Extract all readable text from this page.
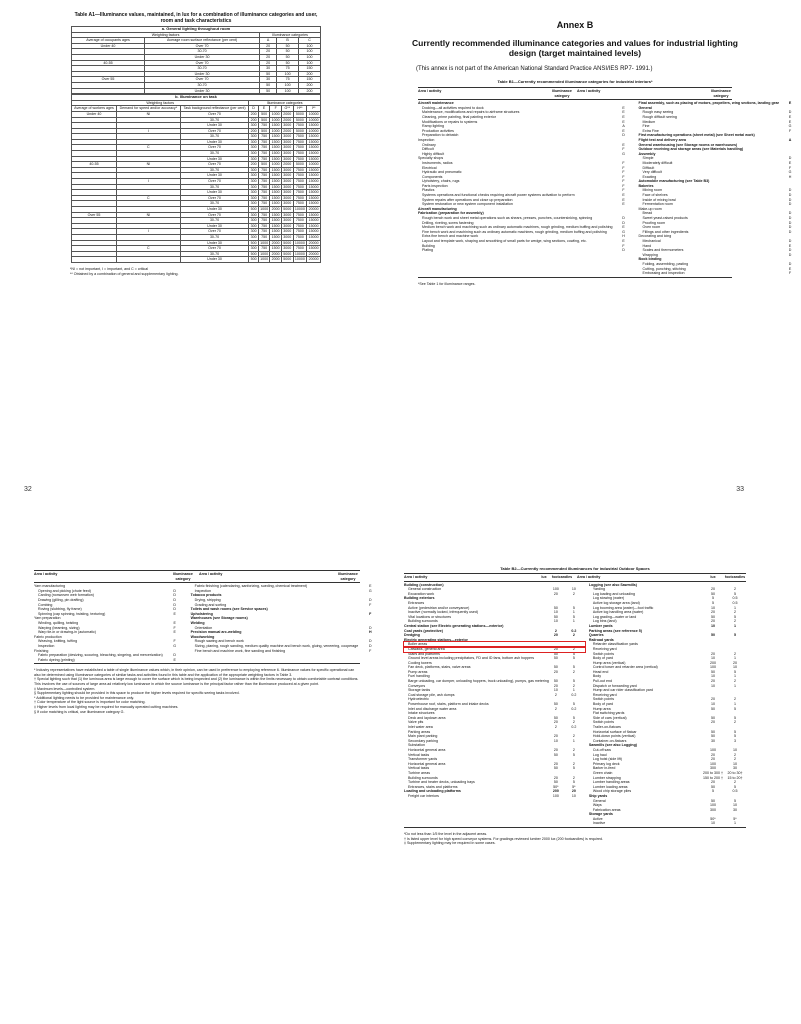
Table A1—Illuminance values, maintained, in lux for a combination of illuminance categories and user, room and task characteristics
a. General lighting throughout room				
Weighting factors		Illuminance categories		
Average of occupants ages	Average room surface reflectance (per cent)	A	B	C
Under 40	Over 70	20	50	100
	30-70	20	50	100
	Under 30	20	50	100
40-55	Over 70	20	50	100
	30-70	30	75	150
	Under 30	50	100	200
Over 55	Over 70	30	75	150
	30-70	50	100	200
	Under 30	50	100	200
b. Illuminance on task								
Weighting factors			Illuminance categories					
Average of workers ages	Demand for speed and/or accuracy*	Task background reflectance (per cent)	D	E	F	G**	H**	I**
Under 40	NI	Over 70	200	500	1000	2000	5000	10000
		30-70	200	500	1000	2000	5000	10000
		Under 30	300	750	1500	3000	7500	15000
	I	Over 70	200	500	1000	2000	5000	10000
		30-70	300	750	1500	3000	7500	15000
		Under 30	300	750	1500	3000	7500	15000
	C	Over 70	300	750	1500	3000	7500	15000
		30-70	300	750	1500	3000	7500	15000
		Under 30	300	750	1500	3000	7500	15000
40-55	NI	Over 70	200	500	1000	2000	5000	10000
		30-70	300	750	1500	3000	7500	15000
		Under 30	300	750	1500	3000	7500	15000
	I	Over 70	300	750	1500	3000	7500	15000
		30-70	300	750	1500	3000	7500	15000
		Under 30	300	750	1500	3000	7500	15000
	C	Over 70	300	750	1500	3000	7500	15000
		30-70	300	750	1500	3000	7500	15000
		Under 30	500	1000	2000	5000	10000	20000
Over 55	NI	Over 70	300	750	1500	3000	7500	15000
		30-70	300	750	1500	3000	7500	15000
		Under 30	300	750	1500	3000	7500	15000
	I	Over 70	300	750	1500	3000	7500	15000
		30-70	300	750	1500	3000	7500	15000
		Under 30	500	1000	2000	5000	10000	20000
	C	Over 70	300	750	1500	3000	7500	15000
		30-70	500	1000	2000	5000	10000	20000
		Under 30	500	1000	2000	5000	10000	20000
*NI = not important, I = important, and C = critical
** Obtained by a combination of general and supplementary lighting.
32
Annex B
Currently recommended illuminance categories and values for industrial lighting design (target maintained levels)
(This annex is not part of the American National Standard Practice ANSI/IES RP7- 1991.)
Table B1—Currently recommended illuminance categories for industrial interiors*
Area / activity	Illuminance category
Area / activity	Illuminance category
Aircraft maintenance
Docking—all activities required to dock	E
Maintenance, modifications and repairs to airframe structures	E
Cleaning, prime painting, final painting exterior	E
Modifications or repairs to systems	E
Ramp lighting	A
Production activities	E
Preparation to debatch	D
Inspection
Ordinary	E
Difficult	F
Highly difficult	G
Specialty shops
Instruments, radios	F
Electrical	F
Hydraulic and pneumatic	F
Components	F
Upholstery, chairs, rugs	F
Parts inspection	F
Plastics	F
Systems operations and functional checks requiring aircraft power systems activation to perform	E
System repairs after operations and close up preparation	E
System restoration or new system component installation	E
Aircraft manufacturing
Fabrication (preparation for assembly)
Rough bench work and sheet metal operations such as shears, presses, punches, countersinking, spinning	D
Drilling, riveting, screw fastening	D
Medium bench work and machining such as ordinary automatic machines, rough grinding, medium buffing and polishing	E
Fine bench work and machining such as ordinary automatic machines, rough grinding, medium buffing and polishing	G
Extra fine bench and machine work	H
Layout and template work, shaping and smoothing of small parts for wedge, wing sections, cowling, etc.	E
Building	F
Plating	D
Final assembly, such as placing of motors, propellers, wing sections, landing gear	E
General
Rough easy seeing	D
Rough difficult seeing	E
Medium	E
Fine	G
Extra Fine	F
First manufacturing operations (sheet metal) (see Sheet metal work)
Flight test and delivery area	A
General warehousing (see Storage rooms or warehouses)
Outdoor receiving and storage areas (see Materials handling)
Assembly
Simple	D
Moderately difficult	E
Difficult	F
Very difficult	G
Exacting	H
Automobile manufacturing (see Table B3)
Bakeries
Mixing room	D
Face of shelves	D
Inside of mixing bowl	D
Fermentation room	D
Make-up room
Bread	D
Sweet yeast-raised products	D
Proofing room	D
Oven room	D
Fillings and other ingredients	D
Decorating and icing
Mechanical	D
Hand	E
Scales and thermometers	D
Wrapping	D
Book binding
Folding, assembling, pasting	D
Cutting, punching, stitching	E
Embossing and inspection	F
*See Table 1 for illuminance ranges.
33
Area / activity	Illuminance category
Area / activity	Illuminance category
Yarn manufacturing
Opening and picking (chute feed)	D
Carding (nonwoven web formation)	D
Drawing (gilling, pin drafting)	D
Combing	D
Roving (slubbing, fly frame)	D
Spinning (cap spinning, twisting, texturing)	E
Yarn preparation
Winding, quilling, twisting	E
Warping (beaming, sizing)	F
Warp tie-in or drawing-in (automatic)	E
Fabric production
Weaving, knitting, tufting	F
Inspection	G
Finishing
Fabric preparation (desizing, scouring, bleaching, singeing, and mercerization)	D
Fabric dyeing (printing)	E
Fabric finishing (calendaring, sanforizing, sueding, chemical treatment)	E
Inspection	G
Tobacco products
Drying, stripping	D
Grading and sorting	F
Toilets and wash rooms (see Service spaces)
Upholstering	F
Warehouses (see Storage rooms)
Welding
Orientation	D
Precision manual arc-welding	H
Woodworking
Rough sawing and bench work	D
Sizing, planing, rough sanding, medium quality machine and bench work, gluing, veneering, cooperage	D
Fine bench and machine work, fine sanding and finishing	F
* Industry representatives have established a table of single illuminance values which, in their opinion, can be used in preference to employing reference 6. Illuminance values for specific operational can also be determined using Illuminance categories of similar tasks and activities found in this table and the application of the appropriate weighting factors in Table 3.
† Special lighting such that (1) the luminous area is large enough to cover the surface which is being inspected and (2) the luminance is within the limits necessary to obtain comfortable contrast conditions. This involves the use of sources of large area ad relatively low luminance in which the source luminance is the principal factor rather than the illuminance produced at a given point.
‡ Maximum levels—controlled system.
§ Supplementary lighting should be provided in this space to produce the higher levels required for specific seeing tasks involved.
* Additional lighting needs to be provided for maintenance only.
† Color temperature of the light source is important for color matching.
‡ Higher levels from local lighting may be required for manually operated cutting machines.
§ If color matching is critical, use illuminance category G.
Table B2—Currently recommended illuminances for industrial Outdoor Spaces
Area / activity	lux	footcandles Area / activity	lux	footcandles
Building (construction)
General construction	100	10
Excavation work	20	2
Building exteriors
Entrances
Active (pedestrian and/or conveyance)	50	5
Inactive (normally locked, infrequently used)	10	1
Vital locations or structures	50	5
Building surrounds	10	1
Central station (see Electric generating stations—exterior)
Coal yards (protective)	2	0.2
Dredging	20	2
Electric generating stations—exterior
Boiler areas
Catwalks, general area	20	2
Stairs and platforms	50	5
Ground level areas including precipitators, FD and ID fans, bottom ash hoppers	50	5
Cooling towers
Fan deck, platforms, stairs, valve areas	50	5
Pump areas	20	2
Fuel handling
Barge unloading, car dumper, unloading hoppers, truck unloading), pumps, gas metering	50	5
Conveyors	20	2
Storage tanks	10	1
Coal storage pile, ash dumps	2	0.2
Hydroelectric
Powerhouse roof, stairs, platform and intake decks	50	5
Inlet and discharge water area	2	0.2
Intake structures
Deck and laydown area	50	5
Valve pits	20	2
Inlet water area	2	0.2
Parking areas
Main plant parking	20	2
Secondary parking	10	1
Substation
Horizontal general area	20	2
Vertical tasks	50	5
Transformer yards
Horizontal general area	20	2
Vertical tasks	50	5
Turbine areas
Building surrounds	20	2
Turbine and heater decks, unloading bays	50	5
Entrances, stairs and platforms	50*	5*
Loading and unloading platforms	200	20
Freight car interiors	100	10
Logging (see also Sawmills)
Yarding	20	2
Log loading and unloading	50	5
Log stowing (water)	5	0.5
Active log storage area (land)	5	0.5
Log booming area (water)—foot traffic	10	1
Active log handling area (water)	20	2
Log grading—water or land	50	5
Log bins (land)	20	2
Lumber yards	10	1
Parking areas (see reference 5)
Quarries	50	5
Railroad yards
Retarder classification yards
Receiving yard
Switch points	20	2
Body of yard	10	1
Hump area (vertical)	200	20
Control tower and retarder area (vertical)	100	10
Head end	50	5
Body	10	1
Pull-out end	20	2
Dispatch or forwarding yard	10	1
Hump and car rider classification yard
Receiving yard
Switch points	20	2
Body of yard	10	1
Hump area	50	5
Flat switching yards
Side of cars (vertical)	50	5
Switch points	20	2
Trailer-on-flatcars
Horizontal surface of flatcar	50	5
Hold-down points (vertical)	50	5
Container-on-flatcars	30	3
Sawmills (see also Logging)
Cut-off saw	100	10
Log haul	20	2
Log hoist (side lift)	20	2
Primary log deck	100	10
Barker in-feed	300	30
Green chain	200 to 300 †	20 to 30†
Lumber strapping	150 to 200 †	15 to 20†
Lumber handling areas	20	2
Lumber loading areas	50	5
Wood chip storage piles	5	0.5
Ship yards
General	50	5
Ways	100	10
Fabrication areas	300	30
Storage yards
Active	50*	5*
Inactive	10	1
*Do not less than 1/5 the level in the adjacent areas.
† Is listed upper level for high speed conveyor systems. For gradings reviewed lumber 2000 lux (200 footcandles) is required.
‡ Supplementary lighting may be required in some cases.
